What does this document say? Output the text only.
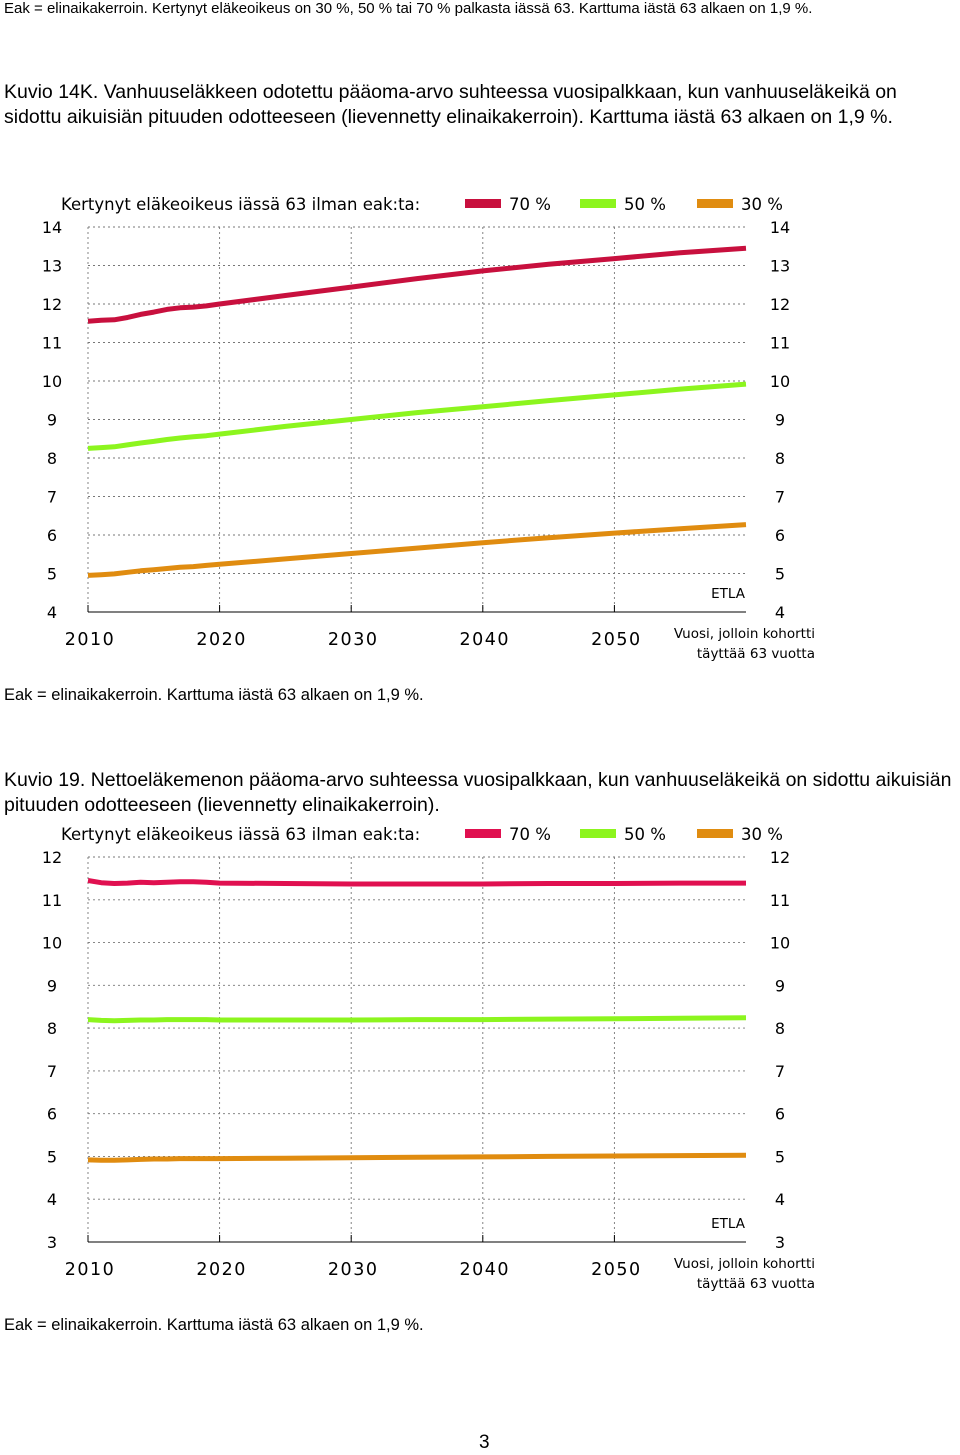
Eak = elinaikakerroin. Kertynyt eläkeoikeus on 30 %, 50 % tai 70 % palkasta iässä 63. Karttuma iästä 63 alkaen on 1,9 %.

Kuvio 14K. Vanhuuseläkkeen odotettu pääoma-arvo suhteessa vuosipalkkaan, kun vanhuuseläkeikä on sidottu aikuisiän pituuden odotteeseen (lievennetty elinaikakerroin). Karttuma iästä 63 alkaen on 1,9 %.

4	4
5	5
6	6
7	7
8	8
9	9
10	10
11	11
12	12
13	13
14	14
2010	2020	2030	2040	2050 Vuosi, jolloin kohortti
täyttää 63 vuotta
ETLA
Kertynyt eläkeoikeus iässä 63 ilman eak:ta:	70 %	50 %	30 %

Eak = elinaikakerroin. Karttuma iästä 63 alkaen on 1,9 %.

Kuvio 19. Nettoeläkemenon pääoma-arvo suhteessa vuosipalkkaan, kun vanhuuseläkeikä on sidottu aikuisiän pituuden odotteeseen (lievennetty elinaikakerroin).

3	3
4	4
5	5
6	6
7	7
8	8
9	9
10	10
11	11
12	12
2010	2020	2030	2040	2050 Vuosi, jolloin kohortti
täyttää 63 vuotta
ETLA
Kertynyt eläkeoikeus iässä 63 ilman eak:ta:	70 %	50 %	30 %

Eak = elinaikakerroin. Karttuma iästä 63 alkaen on 1,9 %.

3
